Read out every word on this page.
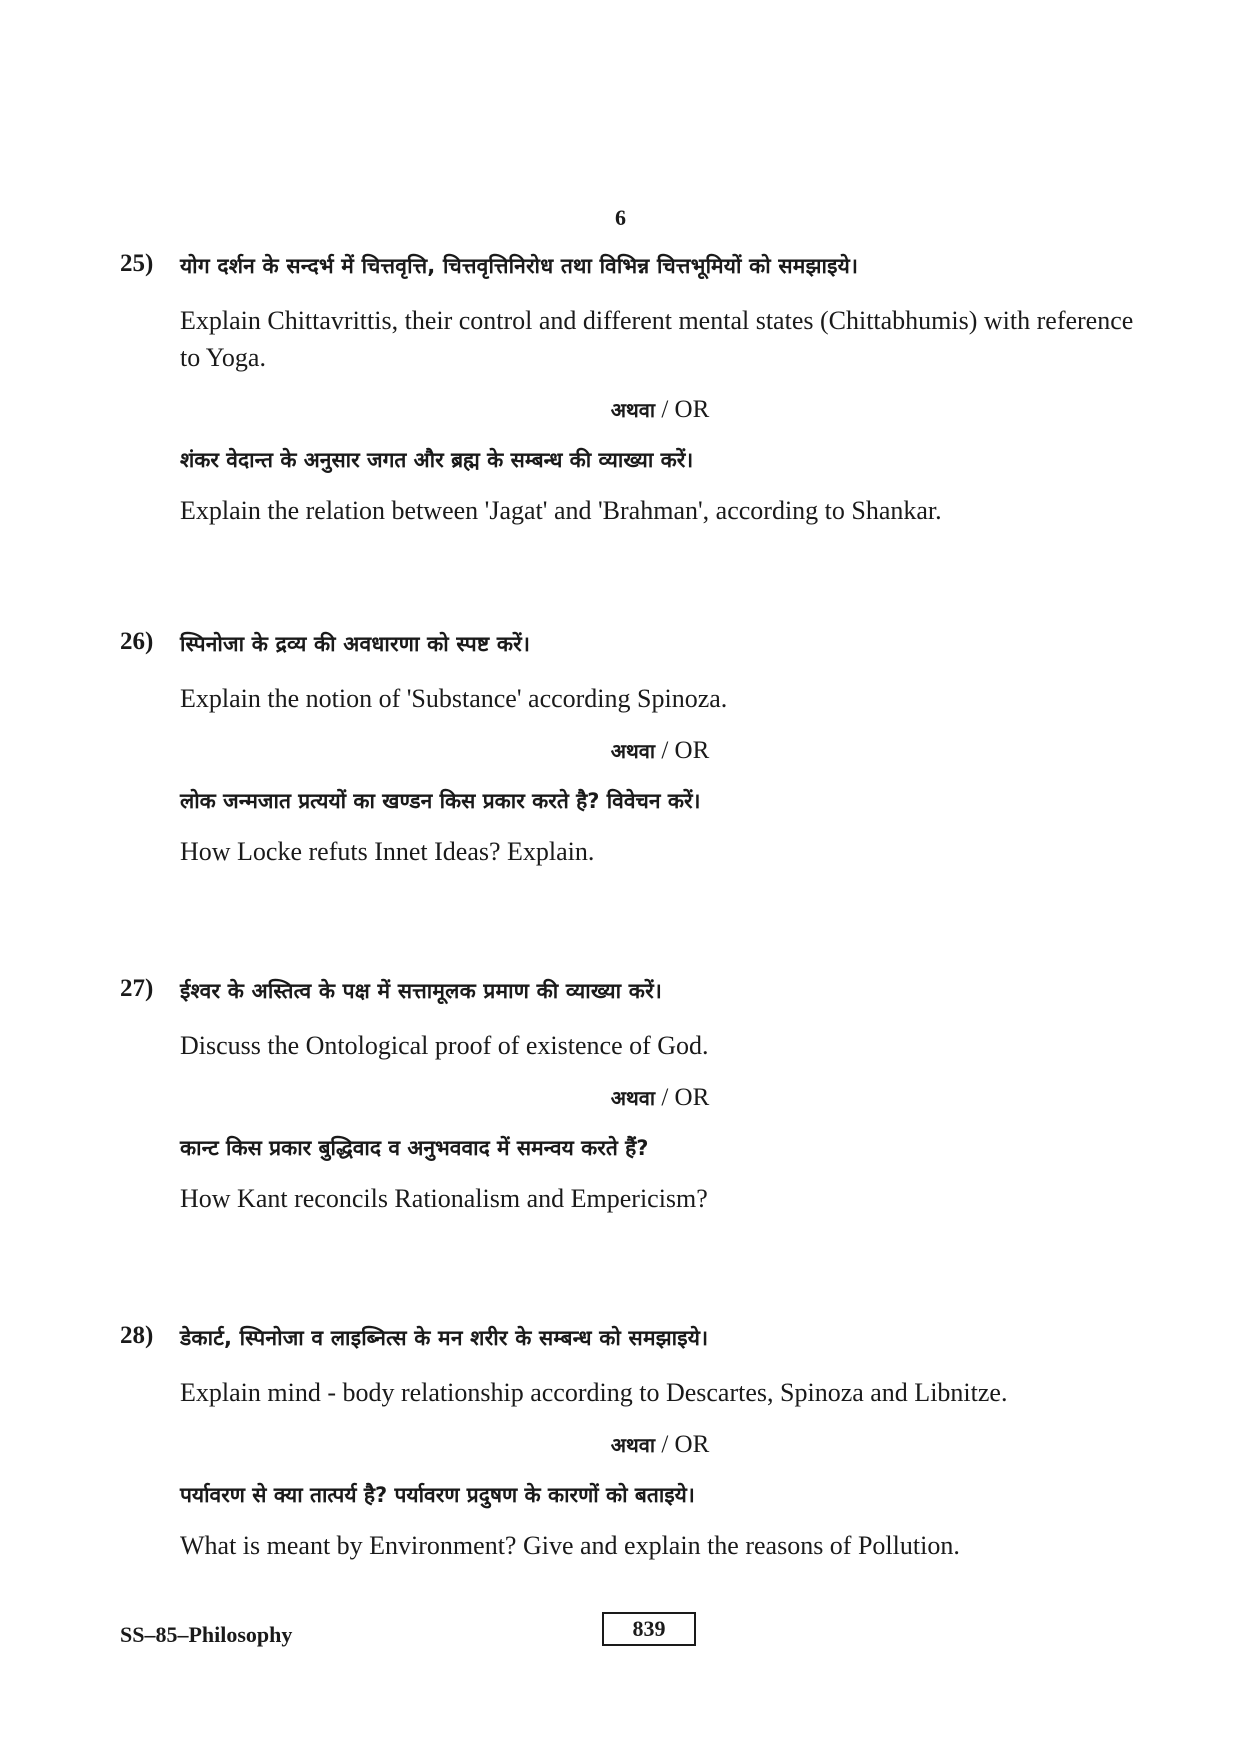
6
25) योग दर्शन के सन्दर्भ में चित्तवृत्ति, चित्तवृत्तिनिरोध तथा विभिन्न चित्तभूमियों को समझाइये।
Explain Chittavrittis, their control and different mental states (Chittabhumis) with reference to Yoga.
अथवा / OR
शंकर वेदान्त के अनुसार जगत और ब्रह्म के सम्बन्ध की व्याख्या करें।
Explain the relation between 'Jagat' and 'Brahman', according to Shankar.
26) स्पिनोजा के द्रव्य की अवधारणा को स्पष्ट करें।
Explain the notion of 'Substance' according Spinoza.
अथवा / OR
लोक जन्मजात प्रत्ययों का खण्डन किस प्रकार करते है? विवेचन करें।
How Locke refuts Innet Ideas? Explain.
27) ईश्वर के अस्तित्व के पक्ष में सत्तामूलक प्रमाण की व्याख्या करें।
Discuss the Ontological proof of existence of God.
अथवा / OR
कान्ट किस प्रकार बुद्धिवाद व अनुभववाद में समन्वय करते हैं?
How Kant reconcils Rationalism and Empericism?
28) डेकार्ट, स्पिनोजा व लाइब्नित्स के मन शरीर के सम्बन्ध को समझाइये।
Explain mind - body relationship according to Descartes, Spinoza and Libnitze.
अथवा / OR
पर्यावरण से क्या तात्पर्य है? पर्यावरण प्रदुषण के कारणों को बताइये।
What is meant by Environment? Give and explain the reasons of Pollution.
SS–85–Philosophy	839
